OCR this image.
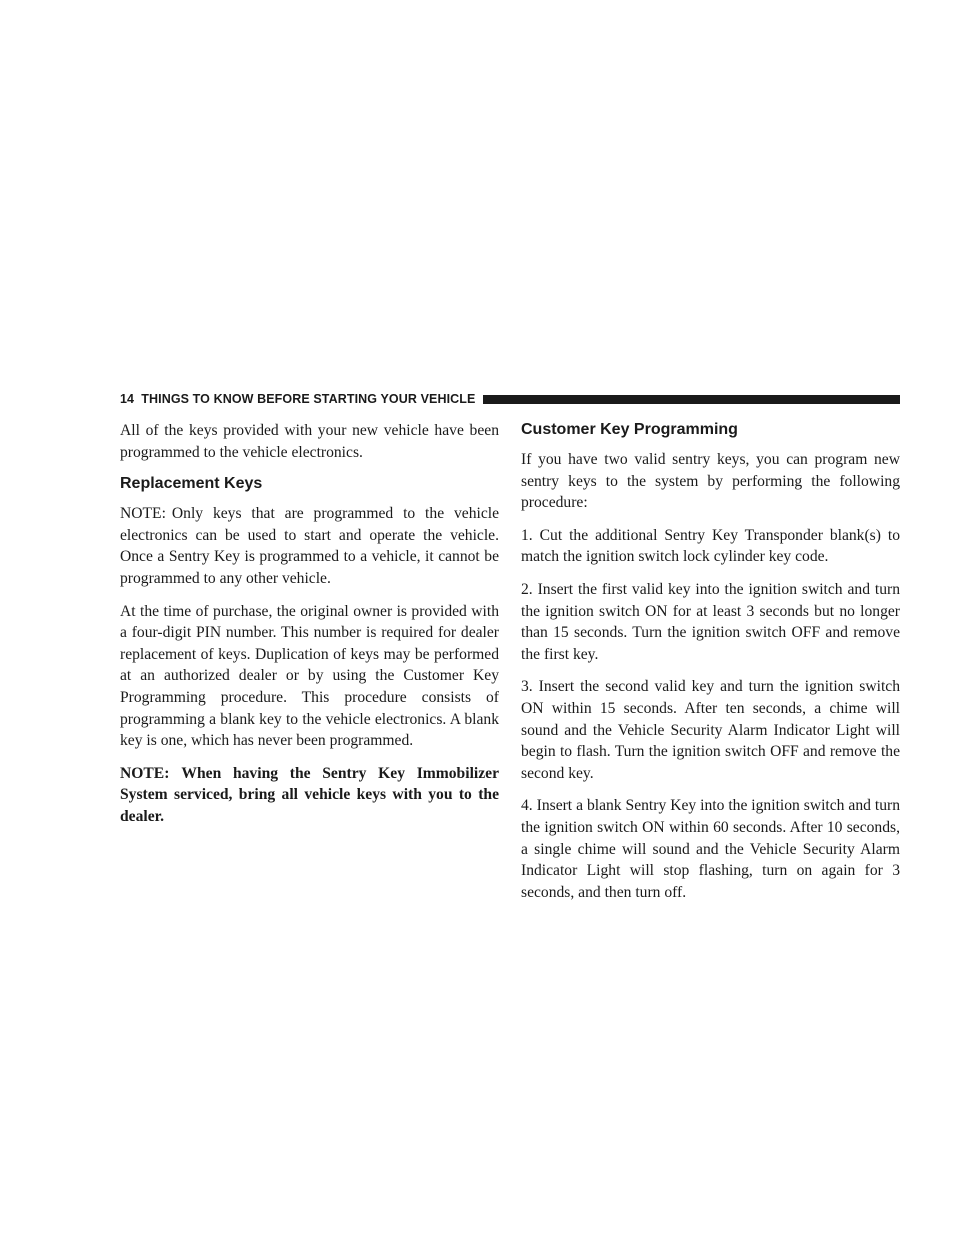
14 THINGS TO KNOW BEFORE STARTING YOUR VEHICLE

All of the keys provided with your new vehicle have been programmed to the vehicle electronics.

Replacement Keys

NOTE: Only keys that are programmed to the vehicle electronics can be used to start and operate the vehicle. Once a Sentry Key is programmed to a vehicle, it cannot be programmed to any other vehicle.

At the time of purchase, the original owner is provided with a four-digit PIN number. This number is required for dealer replacement of keys. Duplication of keys may be performed at an authorized dealer or by using the Customer Key Programming procedure. This procedure consists of programming a blank key to the vehicle electronics. A blank key is one, which has never been programmed.

NOTE: When having the Sentry Key Immobilizer System serviced, bring all vehicle keys with you to the dealer.

Customer Key Programming

If you have two valid sentry keys, you can program new sentry keys to the system by performing the following procedure:

1. Cut the additional Sentry Key Transponder blank(s) to match the ignition switch lock cylinder key code.

2. Insert the first valid key into the ignition switch and turn the ignition switch ON for at least 3 seconds but no longer than 15 seconds. Turn the ignition switch OFF and remove the first key.

3. Insert the second valid key and turn the ignition switch ON within 15 seconds. After ten seconds, a chime will sound and the Vehicle Security Alarm Indicator Light will begin to flash. Turn the ignition switch OFF and remove the second key.

4. Insert a blank Sentry Key into the ignition switch and turn the ignition switch ON within 60 seconds. After 10 seconds, a single chime will sound and the Vehicle Security Alarm Indicator Light will stop flashing, turn on again for 3 seconds, and then turn off.
